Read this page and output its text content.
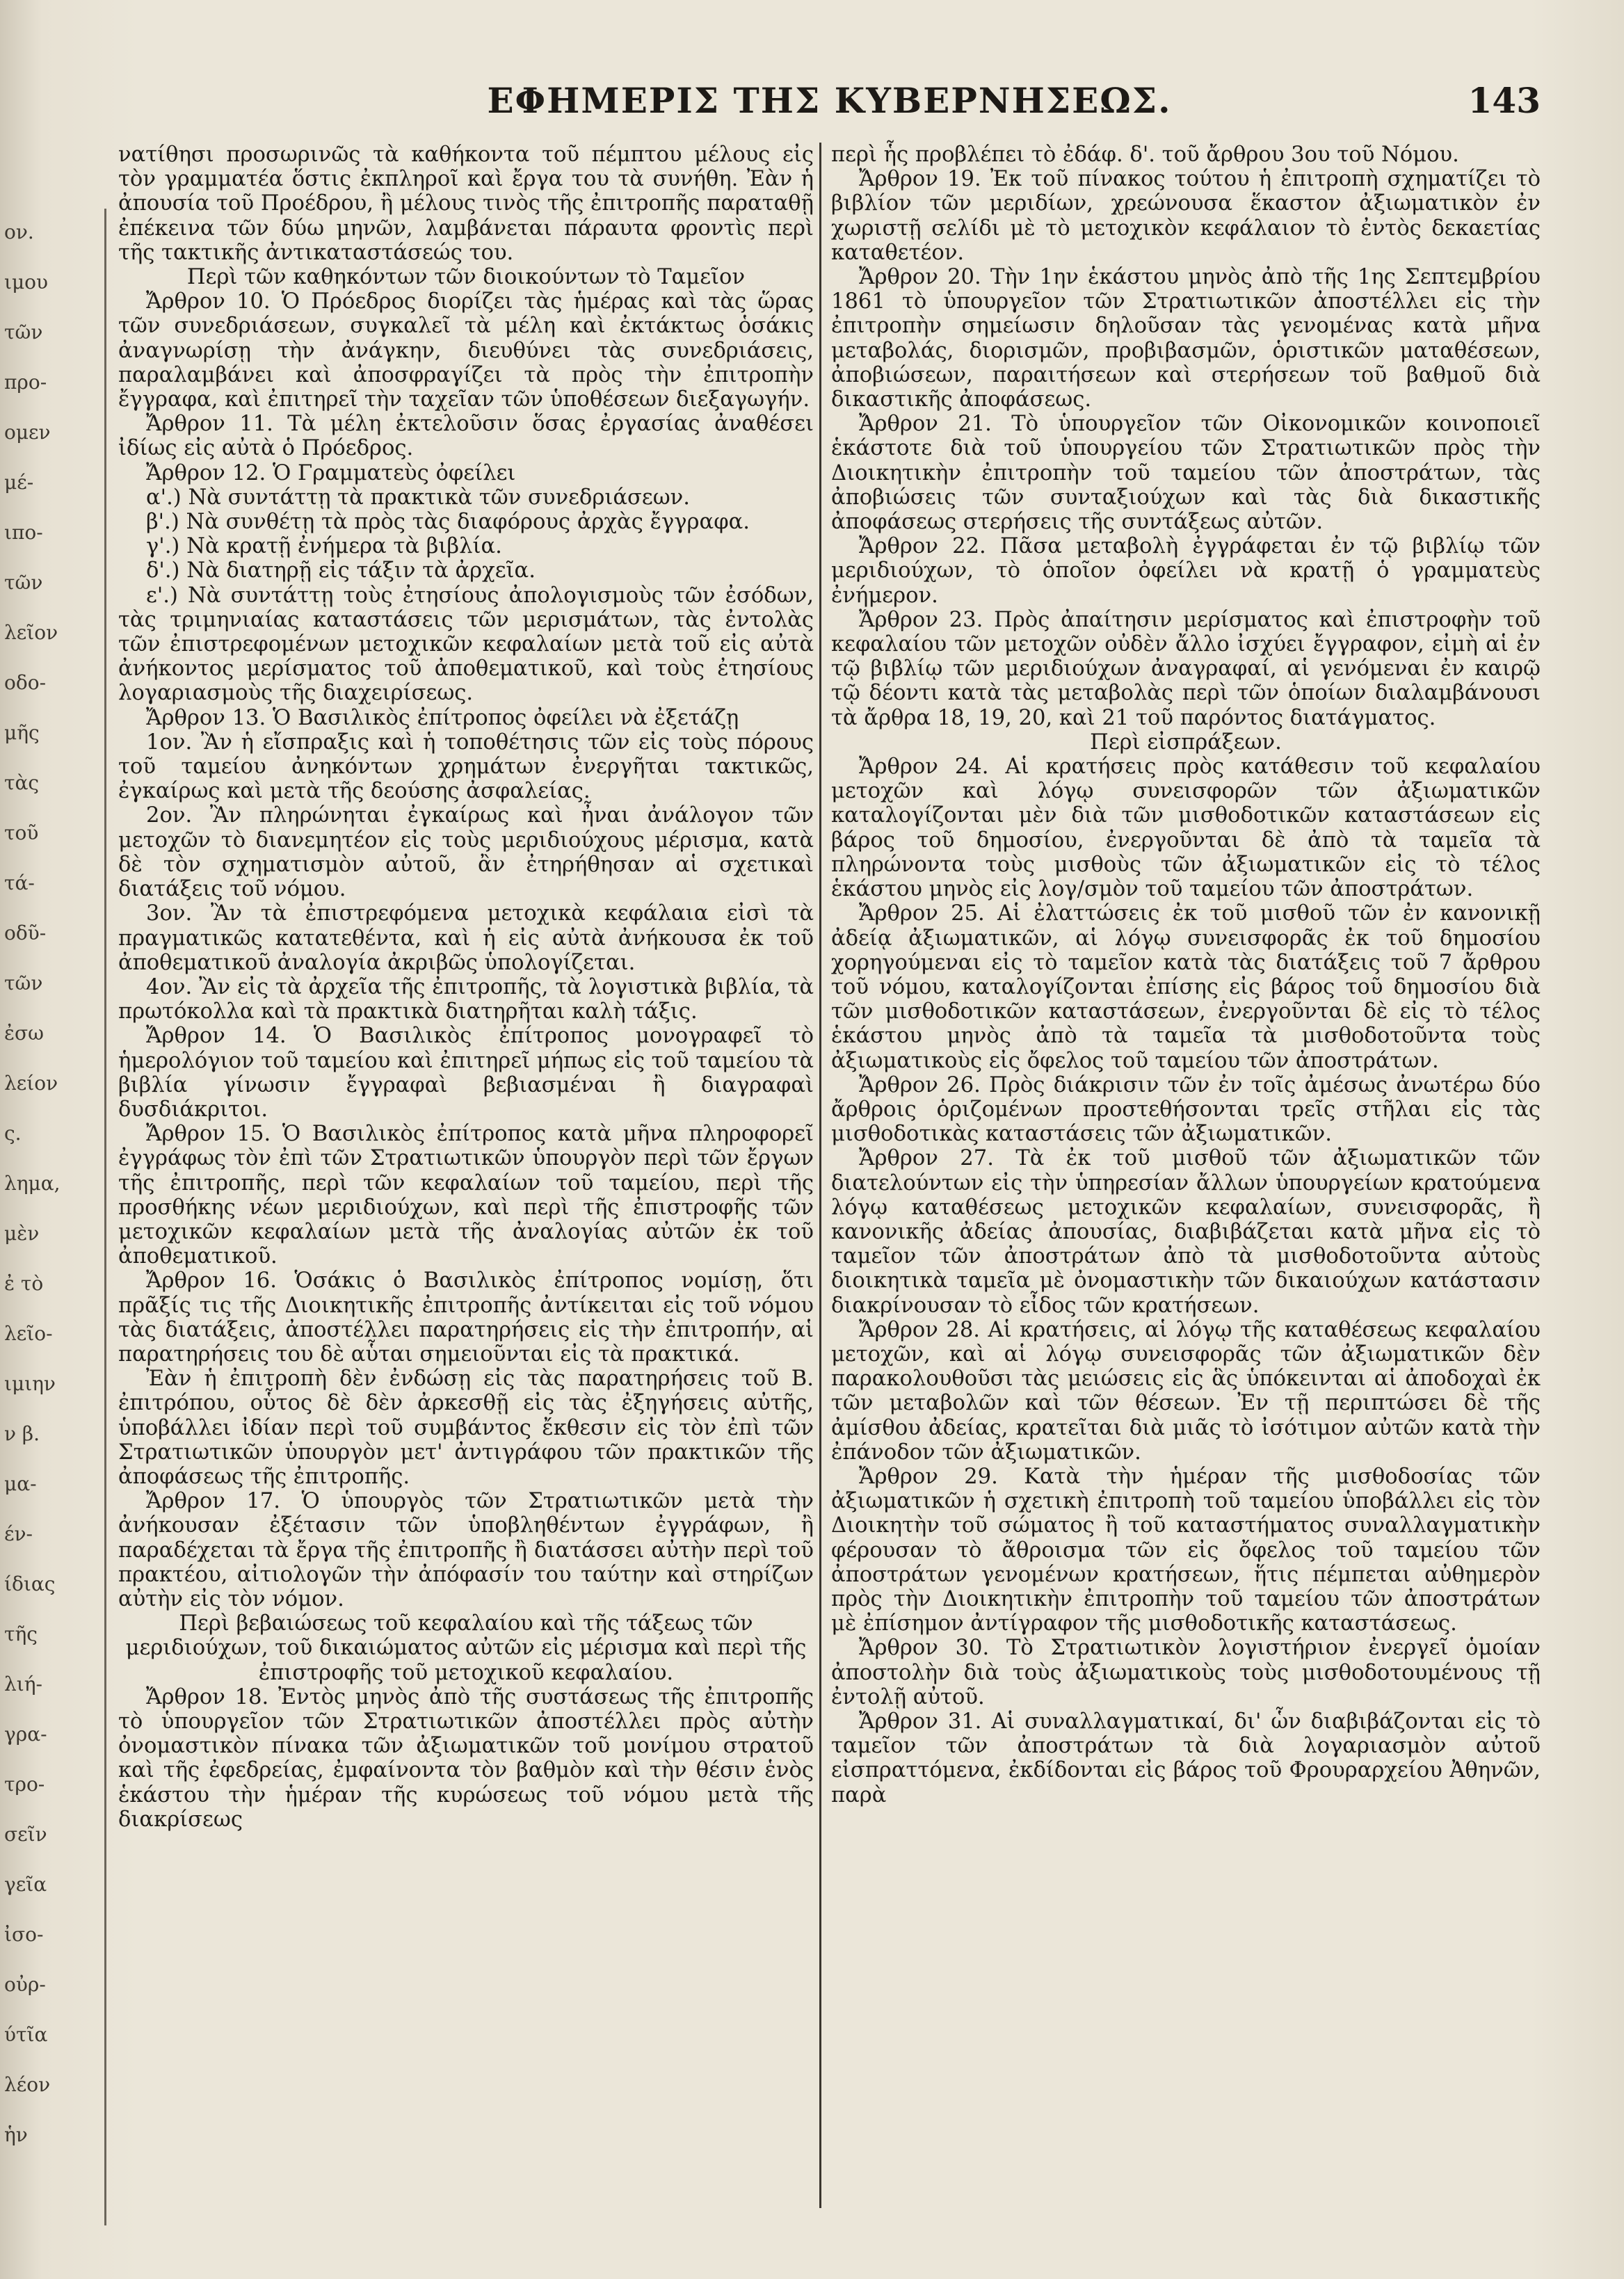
ον.
ιμου
τῶν
προ-
ομεν
μέ-
ιπο-
τῶν
λεῖον
οδο-
μῆς
τὰς
τοῦ
τά-
οδῦ-
τῶν
ἐσω
λείον
ς.
λημα,
μὲν
ἐ τὸ
λεῖο-
ιμιην
ν β.
μα-
έν-
ίδιας
τῆς
λιή-
γρα-
τρο-
σεῖν
γεῖα
ἰσο-
οὐρ-
ύτῖα
λέον
ἡν
ΕΦΗΜΕΡΙΣ ΤΗΣ ΚΥΒΕΡΝΗΣΕΩΣ.	143

νατίθησι προσωρινῶς τὰ καθήκοντα τοῦ πέμπτου μέλους εἰς τὸν γραμματέα ὅστις ἐκπληροῖ καὶ ἔργα του τὰ συνήθη. Ἐὰν ἡ ἀπουσία τοῦ Προέδρου, ἢ μέλους τινὸς τῆς ἐπιτροπῆς παραταθῇ ἐπέκεινα τῶν δύω μηνῶν, λαμβάνεται πάραυτα φροντὶς περὶ τῆς τακτικῆς ἀντικαταστάσεώς του.

Περὶ τῶν καθηκόντων τῶν διοικούντων τὸ Ταμεῖον

Ἄρθρον 10. Ὁ Πρόεδρος διορίζει τὰς ἡμέρας καὶ τὰς ὥρας τῶν συνεδριάσεων, συγκαλεῖ τὰ μέλη καὶ ἐκτάκτως ὁσάκις ἀναγνωρίσῃ τὴν ἀνάγκην, διευθύνει τὰς συνεδριάσεις, παραλαμβάνει καὶ ἀποσφραγίζει τὰ πρὸς τὴν ἐπιτροπὴν ἔγγραφα, καὶ ἐπιτηρεῖ τὴν ταχεῖαν τῶν ὑποθέσεων διεξαγωγήν.

Ἄρθρον 11. Τὰ μέλη ἐκτελοῦσιν ὅσας ἐργασίας ἀναθέσει ἰδίως εἰς αὐτὰ ὁ Πρόεδρος.

Ἄρθρον 12. Ὁ Γραμματεὺς ὀφείλει

α'.) Νὰ συντάττῃ τὰ πρακτικὰ τῶν συνεδριάσεων.

β'.) Νὰ συνθέτῃ τὰ πρὸς τὰς διαφόρους ἀρχὰς ἔγγραφα.

γ'.) Νὰ κρατῇ ἐνήμερα τὰ βιβλία.

δ'.) Νὰ διατηρῇ εἰς τάξιν τὰ ἀρχεῖα.

ε'.) Νὰ συντάττῃ τοὺς ἐτησίους ἀπολογισμοὺς τῶν ἐσόδων, τὰς τριμηνιαίας καταστάσεις τῶν μερισμάτων, τὰς ἐντολὰς τῶν ἐπιστρεφομένων μετοχικῶν κεφαλαίων μετὰ τοῦ εἰς αὐτὰ ἀνήκοντος μερίσματος τοῦ ἀποθεματικοῦ, καὶ τοὺς ἐτησίους λογαριασμοὺς τῆς διαχειρίσεως.

Ἄρθρον 13. Ὁ Βασιλικὸς ἐπίτροπος ὀφείλει νὰ ἐξετάζῃ

1ον. Ἂν ἡ εἴσπραξις καὶ ἡ τοποθέτησις τῶν εἰς τοὺς πόρους τοῦ ταμείου ἀνηκόντων χρημάτων ἐνεργῆται τακτικῶς, ἐγκαίρως καὶ μετὰ τῆς δεούσης ἀσφαλείας.

2ον. Ἂν πληρώνηται ἐγκαίρως καὶ ἦναι ἀνάλογον τῶν μετοχῶν τὸ διανεμητέον εἰς τοὺς μεριδιούχους μέρισμα, κατὰ δὲ τὸν σχηματισμὸν αὐτοῦ, ἂν ἐτηρήθησαν αἱ σχετικαὶ διατάξεις τοῦ νόμου.

3ον. Ἂν τὰ ἐπιστρεφόμενα μετοχικὰ κεφάλαια εἰσὶ τὰ πραγματικῶς κατατεθέντα, καὶ ἡ εἰς αὐτὰ ἀνήκουσα ἐκ τοῦ ἀποθεματικοῦ ἀναλογία ἀκριβῶς ὑπολογίζεται.

4ον. Ἂν εἰς τὰ ἀρχεῖα τῆς ἐπιτροπῆς, τὰ λογιστικὰ βιβλία, τὰ πρωτόκολλα καὶ τὰ πρακτικὰ διατηρῆται καλὴ τάξις.

Ἄρθρον 14. Ὁ Βασιλικὸς ἐπίτροπος μονογραφεῖ τὸ ἡμερολόγιον τοῦ ταμείου καὶ ἐπιτηρεῖ μήπως εἰς τοῦ ταμείου τὰ βιβλία γίνωσιν ἔγγραφαὶ βεβιασμέναι ἢ διαγραφαὶ δυσδιάκριτοι.

Ἄρθρον 15. Ὁ Βασιλικὸς ἐπίτροπος κατὰ μῆνα πληροφορεῖ ἐγγράφως τὸν ἐπὶ τῶν Στρατιωτικῶν ὑπουργὸν περὶ τῶν ἔργων τῆς ἐπιτροπῆς, περὶ τῶν κεφαλαίων τοῦ ταμείου, περὶ τῆς προσθήκης νέων μεριδιούχων, καὶ περὶ τῆς ἐπιστροφῆς τῶν μετοχικῶν κεφαλαίων μετὰ τῆς ἀναλογίας αὐτῶν ἐκ τοῦ ἀποθεματικοῦ.

Ἄρθρον 16. Ὁσάκις ὁ Βασιλικὸς ἐπίτροπος νομίσῃ, ὅτι πρᾶξίς τις τῆς Διοικητικῆς ἐπιτροπῆς ἀντίκειται εἰς τοῦ νόμου τὰς διατάξεις, ἀποστέλλει παρατηρήσεις εἰς τὴν ἐπιτροπήν, αἱ παρατηρήσεις του δὲ αὗται σημειοῦνται εἰς τὰ πρακτικά.

Ἐὰν ἡ ἐπιτροπὴ δὲν ἐνδώσῃ εἰς τὰς παρατηρήσεις τοῦ Β. ἐπιτρόπου, οὗτος δὲ δὲν ἀρκεσθῇ εἰς τὰς ἐξηγήσεις αὐτῆς, ὑποβάλλει ἰδίαν περὶ τοῦ συμβάντος ἔκθεσιν εἰς τὸν ἐπὶ τῶν Στρατιωτικῶν ὑπουργὸν μετ' ἀντιγράφου τῶν πρακτικῶν τῆς ἀποφάσεως τῆς ἐπιτροπῆς.

Ἄρθρον 17. Ὁ ὑπουργὸς τῶν Στρατιωτικῶν μετὰ τὴν ἀνήκουσαν ἐξέτασιν τῶν ὑποβληθέντων ἐγγράφων, ἢ παραδέχεται τὰ ἔργα τῆς ἐπιτροπῆς ἢ διατάσσει αὐτὴν περὶ τοῦ πρακτέου, αἰτιολογῶν τὴν ἀπόφασίν του ταύτην καὶ στηρίζων αὐτὴν εἰς τὸν νόμον.

Περὶ βεβαιώσεως τοῦ κεφαλαίου καὶ τῆς τάξεως τῶν μεριδιούχων, τοῦ δικαιώματος αὐτῶν εἰς μέρισμα καὶ περὶ τῆς ἐπιστροφῆς τοῦ μετοχικοῦ κεφαλαίου.

Ἄρθρον 18. Ἐντὸς μηνὸς ἀπὸ τῆς συστάσεως τῆς ἐπιτροπῆς τὸ ὑπουργεῖον τῶν Στρατιωτικῶν ἀποστέλλει πρὸς αὐτὴν ὀνομαστικὸν πίνακα τῶν ἀξιωματικῶν τοῦ μονίμου στρατοῦ καὶ τῆς ἐφεδρείας, ἐμφαίνοντα τὸν βαθμὸν καὶ τὴν θέσιν ἑνὸς ἑκάστου τὴν ἡμέραν τῆς κυρώσεως τοῦ νόμου μετὰ τῆς διακρίσεως

περὶ ἧς προβλέπει τὸ ἐδάφ. δ'. τοῦ ἄρθρου 3ου τοῦ Νόμου.

Ἄρθρον 19. Ἐκ τοῦ πίνακος τούτου ἡ ἐπιτροπὴ σχηματίζει τὸ βιβλίον τῶν μεριδίων, χρεώνουσα ἕκαστον ἀξιωματικὸν ἐν χωριστῇ σελίδι μὲ τὸ μετοχικὸν κεφάλαιον τὸ ἐντὸς δεκαετίας καταθετέον.

Ἄρθρον 20. Τὴν 1ην ἑκάστου μηνὸς ἀπὸ τῆς 1ης Σεπτεμβρίου 1861 τὸ ὑπουργεῖον τῶν Στρατιωτικῶν ἀποστέλλει εἰς τὴν ἐπιτροπὴν σημείωσιν δηλοῦσαν τὰς γενομένας κατὰ μῆνα μεταβολάς, διορισμῶν, προβιβασμῶν, ὁριστικῶν ματαθέσεων, ἀποβιώσεων, παραιτήσεων καὶ στερήσεων τοῦ βαθμοῦ διὰ δικαστικῆς ἀποφάσεως.

Ἄρθρον 21. Τὸ ὑπουργεῖον τῶν Οἰκονομικῶν κοινοποιεῖ ἑκάστοτε διὰ τοῦ ὑπουργείου τῶν Στρατιωτικῶν πρὸς τὴν Διοικητικὴν ἐπιτροπὴν τοῦ ταμείου τῶν ἀποστράτων, τὰς ἀποβιώσεις τῶν συνταξιούχων καὶ τὰς διὰ δικαστικῆς ἀποφάσεως στερήσεις τῆς συντάξεως αὐτῶν.

Ἄρθρον 22. Πᾶσα μεταβολὴ ἐγγράφεται ἐν τῷ βιβλίῳ τῶν μεριδιούχων, τὸ ὁποῖον ὀφείλει νὰ κρατῇ ὁ γραμματεὺς ἐνήμερον.

Ἄρθρον 23. Πρὸς ἀπαίτησιν μερίσματος καὶ ἐπιστροφὴν τοῦ κεφαλαίου τῶν μετοχῶν οὐδὲν ἄλλο ἰσχύει ἔγγραφον, εἰμὴ αἱ ἐν τῷ βιβλίῳ τῶν μεριδιούχων ἀναγραφαί, αἱ γενόμεναι ἐν καιρῷ τῷ δέοντι κατὰ τὰς μεταβολὰς περὶ τῶν ὁποίων διαλαμβάνουσι τὰ ἄρθρα 18, 19, 20, καὶ 21 τοῦ παρόντος διατάγματος.

Περὶ εἰσπράξεων.

Ἄρθρον 24. Αἱ κρατήσεις πρὸς κατάθεσιν τοῦ κεφαλαίου μετοχῶν καὶ λόγῳ συνεισφορῶν τῶν ἀξιωματικῶν καταλογίζονται μὲν διὰ τῶν μισθοδοτικῶν καταστάσεων εἰς βάρος τοῦ δημοσίου, ἐνεργοῦνται δὲ ἀπὸ τὰ ταμεῖα τὰ πληρώνοντα τοὺς μισθοὺς τῶν ἀξιωματικῶν εἰς τὸ τέλος ἑκάστου μηνὸς εἰς λογ/σμὸν τοῦ ταμείου τῶν ἀποστράτων.

Ἄρθρον 25. Αἱ ἐλαττώσεις ἐκ τοῦ μισθοῦ τῶν ἐν κανονικῇ ἀδείᾳ ἀξιωματικῶν, αἱ λόγῳ συνεισφορᾶς ἐκ τοῦ δημοσίου χορηγούμεναι εἰς τὸ ταμεῖον κατὰ τὰς διατάξεις τοῦ 7 ἄρθρου τοῦ νόμου, καταλογίζονται ἐπίσης εἰς βάρος τοῦ δημοσίου διὰ τῶν μισθοδοτικῶν καταστάσεων, ἐνεργοῦνται δὲ εἰς τὸ τέλος ἑκάστου μηνὸς ἀπὸ τὰ ταμεῖα τὰ μισθοδοτοῦντα τοὺς ἀξιωματικοὺς εἰς ὄφελος τοῦ ταμείου τῶν ἀποστράτων.

Ἄρθρον 26. Πρὸς διάκρισιν τῶν ἐν τοῖς ἀμέσως ἀνωτέρω δύο ἄρθροις ὁριζομένων προστεθήσονται τρεῖς στῆλαι εἰς τὰς μισθοδοτικὰς καταστάσεις τῶν ἀξιωματικῶν.

Ἄρθρον 27. Τὰ ἐκ τοῦ μισθοῦ τῶν ἀξιωματικῶν τῶν διατελούντων εἰς τὴν ὑπηρεσίαν ἄλλων ὑπουργείων κρατούμενα λόγῳ καταθέσεως μετοχικῶν κεφαλαίων, συνεισφορᾶς, ἢ κανονικῆς ἀδείας ἀπουσίας, διαβιβάζεται κατὰ μῆνα εἰς τὸ ταμεῖον τῶν ἀποστράτων ἀπὸ τὰ μισθοδοτοῦντα αὐτοὺς διοικητικὰ ταμεῖα μὲ ὀνομαστικὴν τῶν δικαιούχων κατάστασιν διακρίνουσαν τὸ εἶδος τῶν κρατήσεων.

Ἄρθρον 28. Αἱ κρατήσεις, αἱ λόγῳ τῆς καταθέσεως κεφαλαίου μετοχῶν, καὶ αἱ λόγῳ συνεισφορᾶς τῶν ἀξιωματικῶν δὲν παρακολουθοῦσι τὰς μειώσεις εἰς ἃς ὑπόκεινται αἱ ἀποδοχαὶ ἐκ τῶν μεταβολῶν καὶ τῶν θέσεων. Ἐν τῇ περιπτώσει δὲ τῆς ἀμίσθου ἀδείας, κρατεῖται διὰ μιᾶς τὸ ἰσότιμον αὐτῶν κατὰ τὴν ἐπάνοδον τῶν ἀξιωματικῶν.

Ἄρθρον 29. Κατὰ τὴν ἡμέραν τῆς μισθοδοσίας τῶν ἀξιωματικῶν ἡ σχετικὴ ἐπιτροπὴ τοῦ ταμείου ὑποβάλλει εἰς τὸν Διοικητὴν τοῦ σώματος ἢ τοῦ καταστήματος συναλλαγματικὴν φέρουσαν τὸ ἄθροισμα τῶν εἰς ὄφελος τοῦ ταμείου τῶν ἀποστράτων γενομένων κρατήσεων, ἥτις πέμπεται αὐθημερὸν πρὸς τὴν Διοικητικὴν ἐπιτροπὴν τοῦ ταμείου τῶν ἀποστράτων μὲ ἐπίσημον ἀντίγραφον τῆς μισθοδοτικῆς καταστάσεως.

Ἄρθρον 30. Τὸ Στρατιωτικὸν λογιστήριον ἐνεργεῖ ὁμοίαν ἀποστολὴν διὰ τοὺς ἀξιωματικοὺς τοὺς μισθοδοτουμένους τῇ ἐντολῇ αὐτοῦ.

Ἄρθρον 31. Αἱ συναλλαγματικαί, δι' ὧν διαβιβάζονται εἰς τὸ ταμεῖον τῶν ἀποστράτων τὰ διὰ λογαριασμὸν αὐτοῦ εἰσπραττόμενα, ἐκδίδονται εἰς βάρος τοῦ Φρουραρχείου Ἀθηνῶν, παρὰ
